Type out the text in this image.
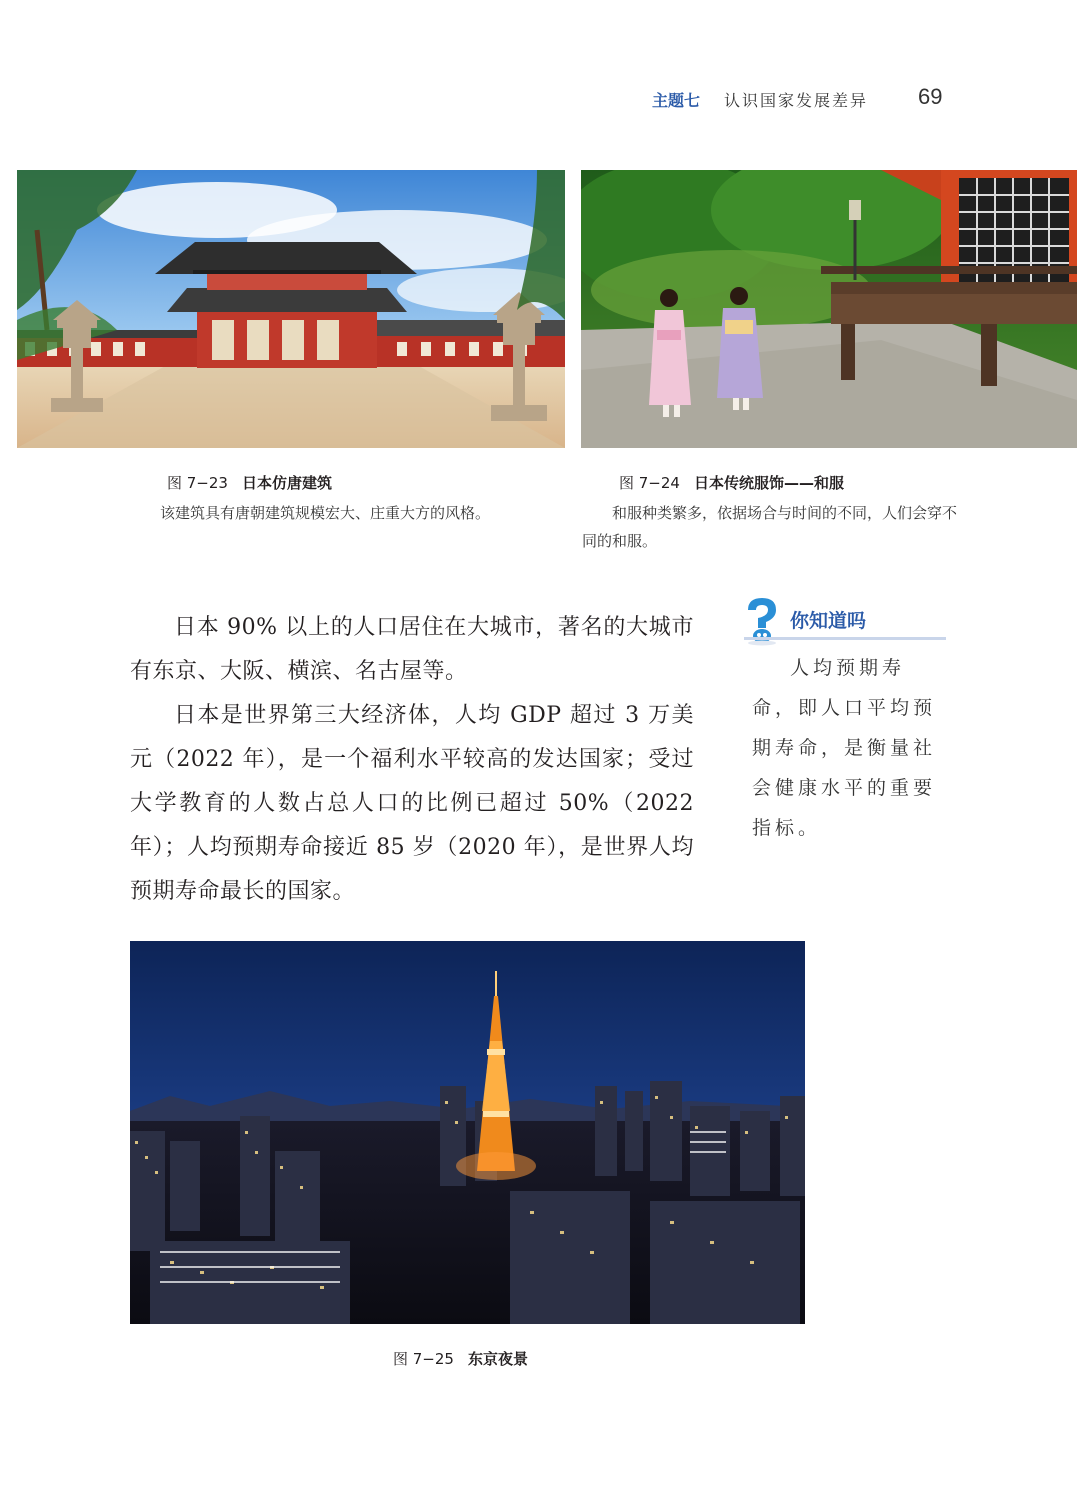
主题七 认识国家发展差异 69
图 7−23 日本仿唐建筑
该建筑具有唐朝建筑规模宏大、庄重大方的风格。
图 7−24 日本传统服饰——和服
和服种类繁多，依据场合与时间的不同，人们会穿不同的和服。

日本 90% 以上的人口居住在大城市，著名的大城市有东京、大阪、横滨、名古屋等。

日本是世界第三大经济体，人均 GDP 超过 3 万美元（2022 年），是一个福利水平较高的发达国家；受过大学教育的人数占总人口的比例已超过 50%（2022 年）；人均预期寿命接近 85 岁（2020 年），是世界人均预期寿命最长的国家。

你知道吗
人均预期寿命，即人口平均预期寿命，是衡量社会健康水平的重要指标。
图 7−25 东京夜景
